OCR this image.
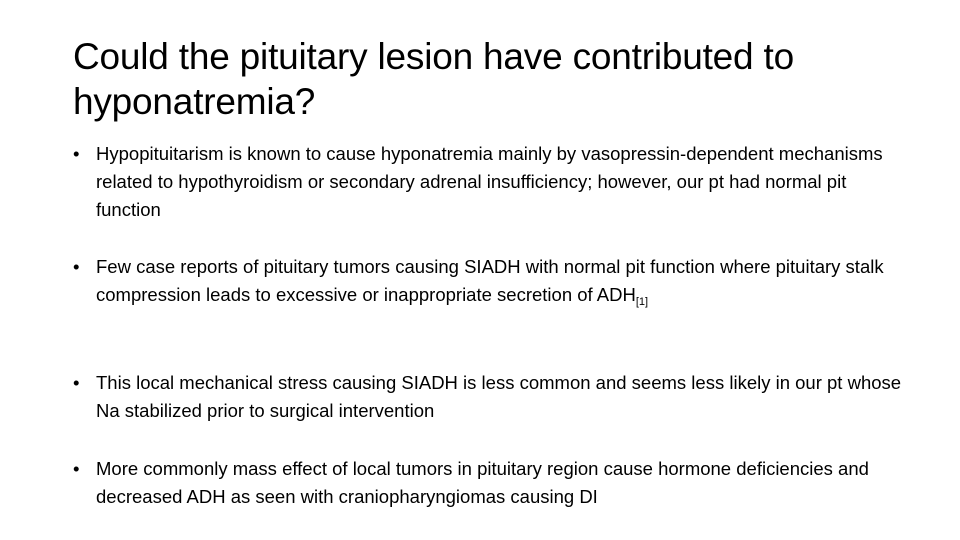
Could the pituitary lesion have contributed to hyponatremia?
• Hypopituitarism is known to cause hyponatremia mainly by vasopressin-dependent mechanisms related to hypothyroidism or secondary adrenal insufficiency; however, our pt had normal pit function
• Few case reports of pituitary tumors causing SIADH with normal pit function where pituitary stalk compression leads to excessive or inappropriate secretion of $ADH_{[1]}$
• This local mechanical stress causing SIADH is less common and seems less likely in our pt whose Na stabilized prior to surgical intervention
• More commonly mass effect of local tumors in pituitary region cause hormone deficiencies and decreased ADH as seen with craniopharyngiomas causing DI
